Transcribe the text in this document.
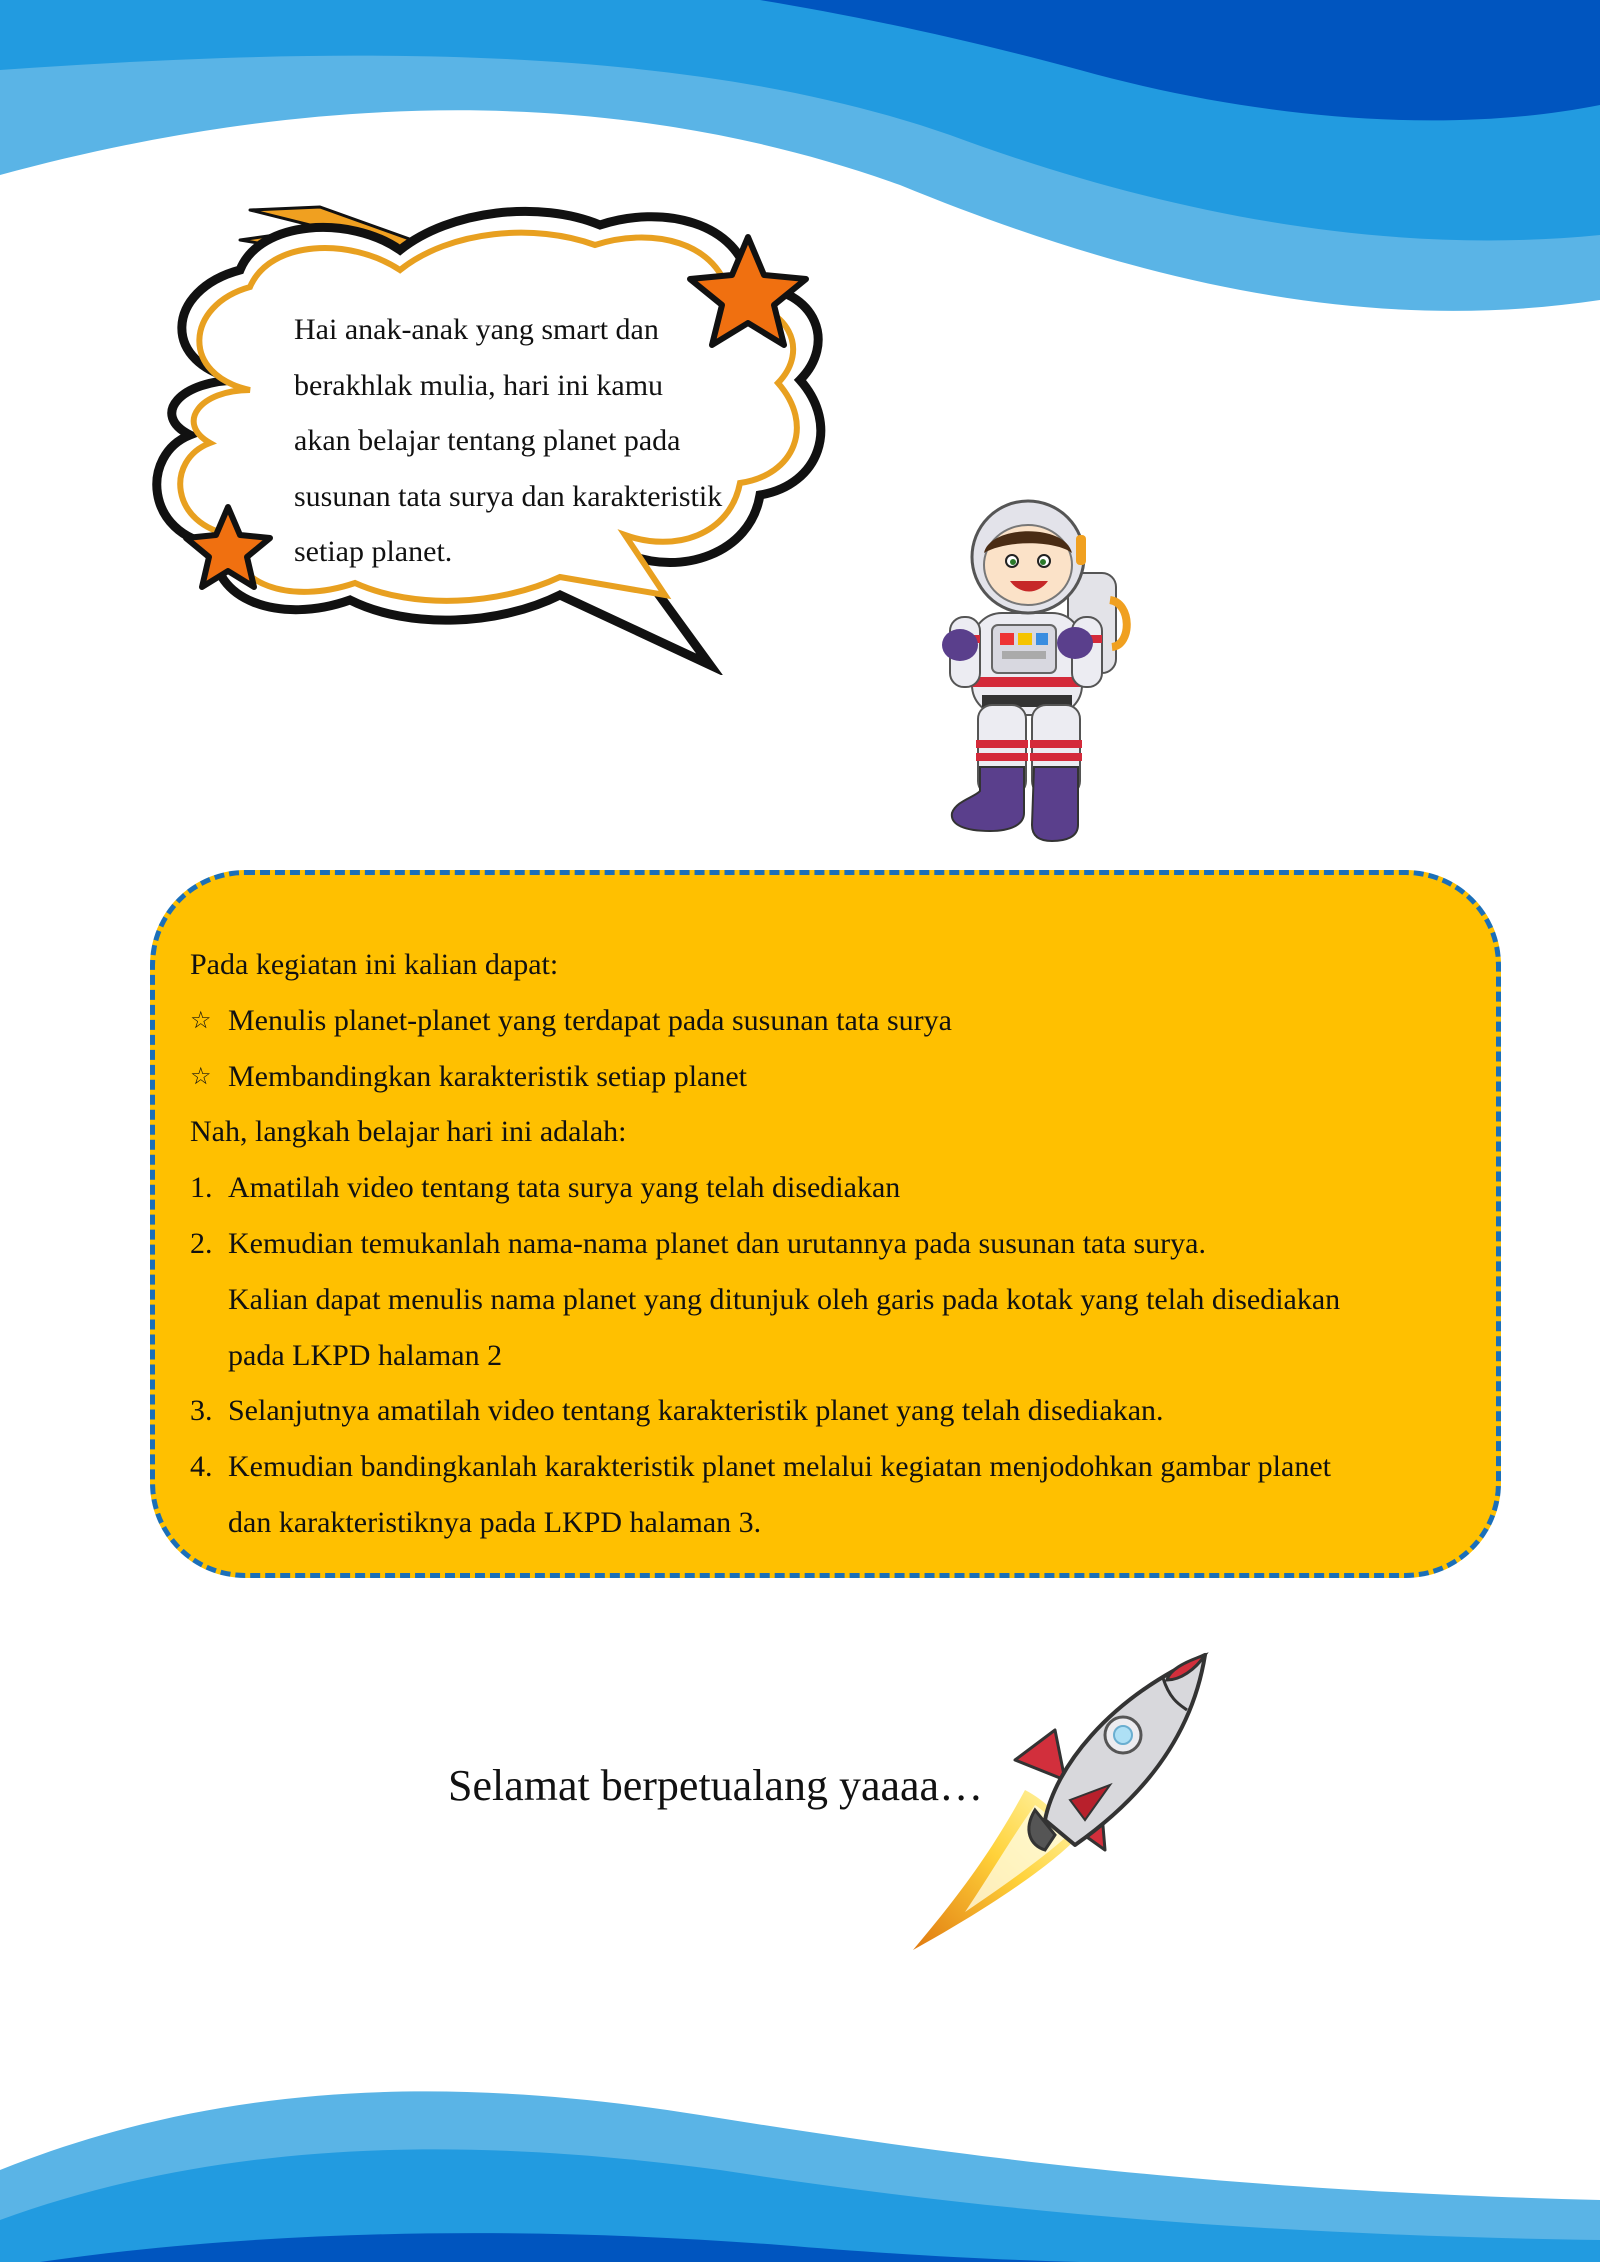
Hai anak-anak yang smart dan

berakhlak mulia, hari ini kamu

akan belajar tentang planet pada

susunan tata surya dan karakteristik

setiap planet.

Pada kegiatan ini kalian dapat:
☆ Menulis planet-planet yang terdapat pada susunan tata surya
☆ Membandingkan karakteristik setiap planet
Nah, langkah belajar hari ini adalah:
1. Amatilah video tentang tata surya yang telah disediakan
2. Kemudian temukanlah nama-nama planet dan urutannya pada susunan tata surya.
Kalian dapat menulis nama planet yang ditunjuk oleh garis pada kotak yang telah disediakan
pada LKPD halaman 2
3. Selanjutnya amatilah video tentang karakteristik planet yang telah disediakan.
4. Kemudian bandingkanlah karakteristik planet melalui kegiatan menjodohkan gambar planet
dan karakteristiknya pada LKPD halaman 3.
Selamat berpetualang yaaaa…
